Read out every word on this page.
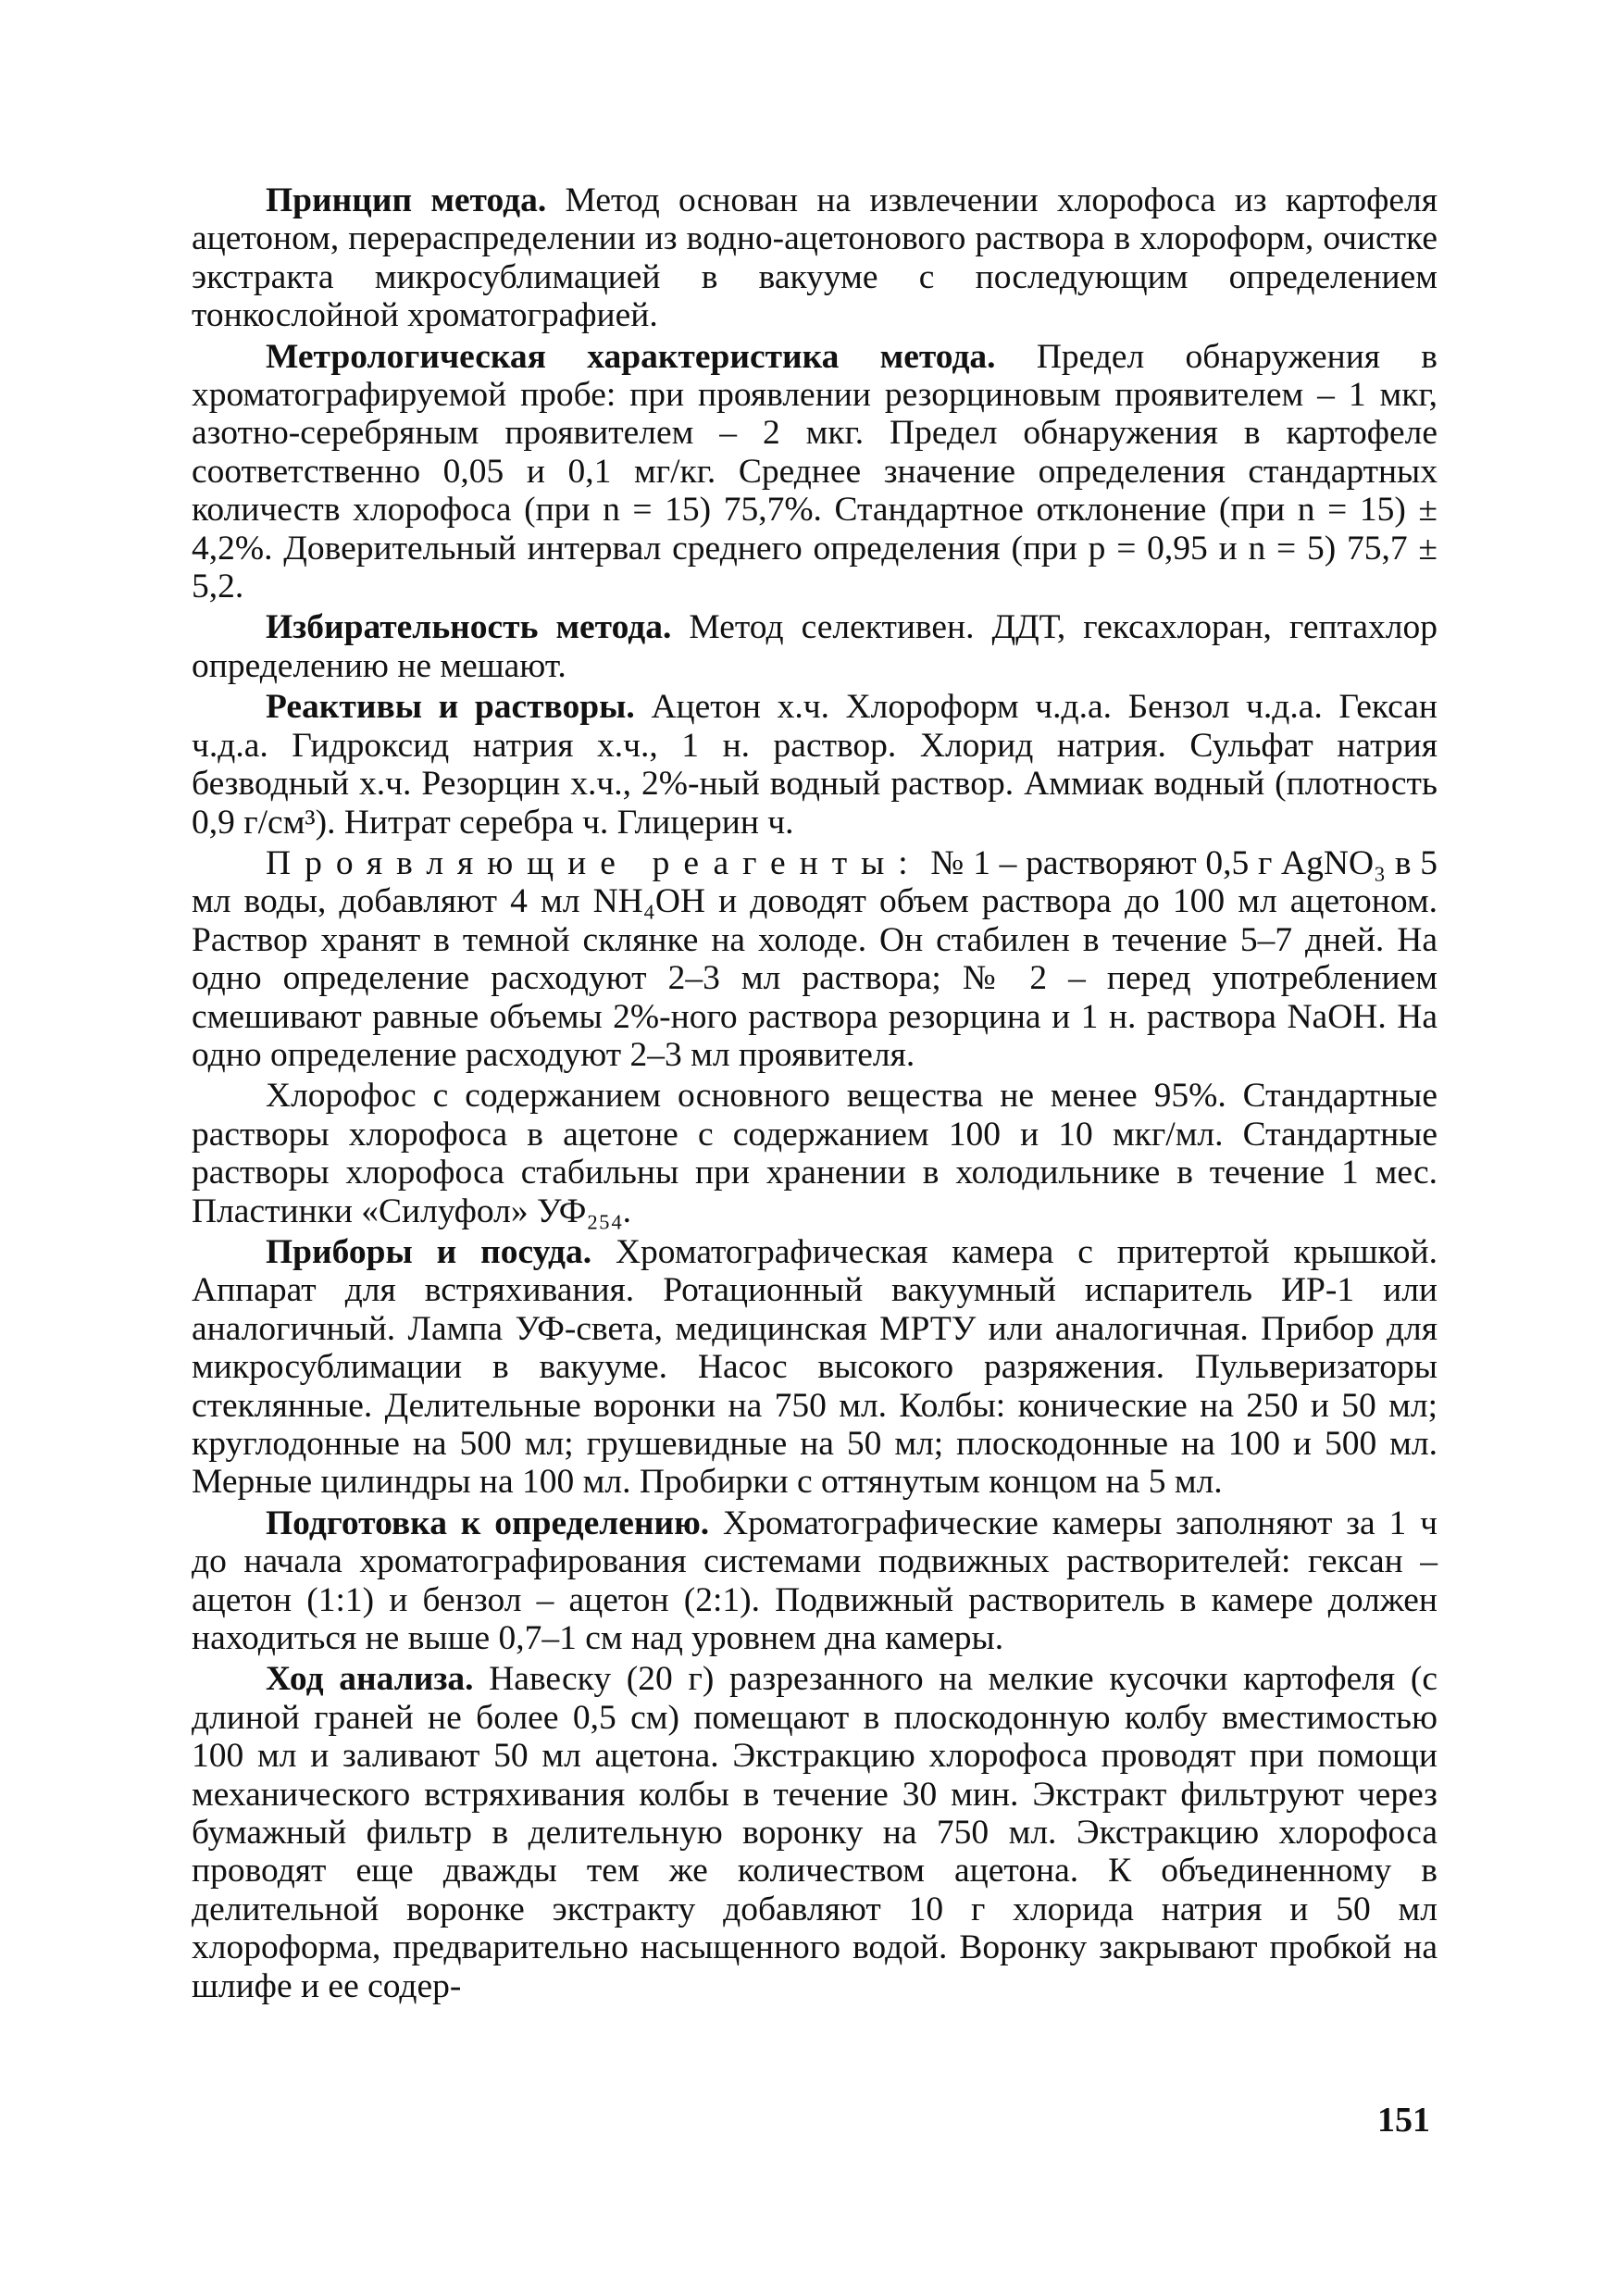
Принцип метода. Метод основан на извлечении хлорофоса из картофеля ацетоном, перераспределении из водно-ацетонового раствора в хлороформ, очистке экстракта микросублимацией в вакууме с последующим определением тонкослойной хроматографией.

Метрологическая характеристика метода. Предел обнаружения в хроматографируемой пробе: при проявлении резорциновым проявителем – 1 мкг, азотно-серебряным проявителем – 2 мкг. Предел обнаружения в картофеле соответственно 0,05 и 0,1 мг/кг. Среднее значение определения стандартных количеств хлорофоса (при n = 15) 75,7%. Стандартное отклонение (при n = 15) ± 4,2%. Доверительный интервал среднего определения (при p = 0,95 и n = 5) 75,7 ± 5,2.

Избирательность метода. Метод селективен. ДДТ, гексахлоран, гептахлор определению не мешают.

Реактивы и растворы. Ацетон х.ч. Хлороформ ч.д.а. Бензол ч.д.а. Гексан ч.д.а. Гидроксид натрия х.ч., 1 н. раствор. Хлорид натрия. Сульфат натрия безводный х.ч. Резорцин х.ч., 2%-ный водный раствор. Аммиак водный (плотность 0,9 г/см³). Нитрат серебра ч. Глицерин ч.

Проявляющие реагенты: № 1 – растворяют 0,5 г AgNO₃ в 5 мл воды, добавляют 4 мл NH₄OH и доводят объем раствора до 100 мл ацетоном. Раствор хранят в темной склянке на холоде. Он стабилен в течение 5–7 дней. На одно определение расходуют 2–3 мл раствора; № 2 – перед употреблением смешивают равные объемы 2%-ного раствора резорцина и 1 н. раствора NaOH. На одно определение расходуют 2–3 мл проявителя.

Хлорофос с содержанием основного вещества не менее 95%. Стандартные растворы хлорофоса в ацетоне с содержанием 100 и 10 мкг/мл. Стандартные растворы хлорофоса стабильны при хранении в холодильнике в течение 1 мес. Пластинки «Силуфол» УФ₂₅₄.

Приборы и посуда. Хроматографическая камера с притертой крышкой. Аппарат для встряхивания. Ротационный вакуумный испаритель ИР-1 или аналогичный. Лампа УФ-света, медицинская МРТУ или аналогичная. Прибор для микросублимации в вакууме. Насос высокого разряжения. Пульверизаторы стеклянные. Делительные воронки на 750 мл. Колбы: конические на 250 и 50 мл; круглодонные на 500 мл; грушевидные на 50 мл; плоскодонные на 100 и 500 мл. Мерные цилиндры на 100 мл. Пробирки с оттянутым концом на 5 мл.

Подготовка к определению. Хроматографические камеры заполняют за 1 ч до начала хроматографирования системами подвижных растворителей: гексан – ацетон (1:1) и бензол – ацетон (2:1). Подвижный растворитель в камере должен находиться не выше 0,7–1 см над уровнем дна камеры.

Ход анализа. Навеску (20 г) разрезанного на мелкие кусочки картофеля (с длиной граней не более 0,5 см) помещают в плоскодонную колбу вместимостью 100 мл и заливают 50 мл ацетона. Экстракцию хлорофоса проводят при помощи механического встряхивания колбы в течение 30 мин. Экстракт фильтруют через бумажный фильтр в делительную воронку на 750 мл. Экстракцию хлорофоса проводят еще дважды тем же количеством ацетона. К объединенному в делительной воронке экстракту добавляют 10 г хлорида натрия и 50 мл хлороформа, предварительно насыщенного водой. Воронку закрывают пробкой на шлифе и ее содер-

151
